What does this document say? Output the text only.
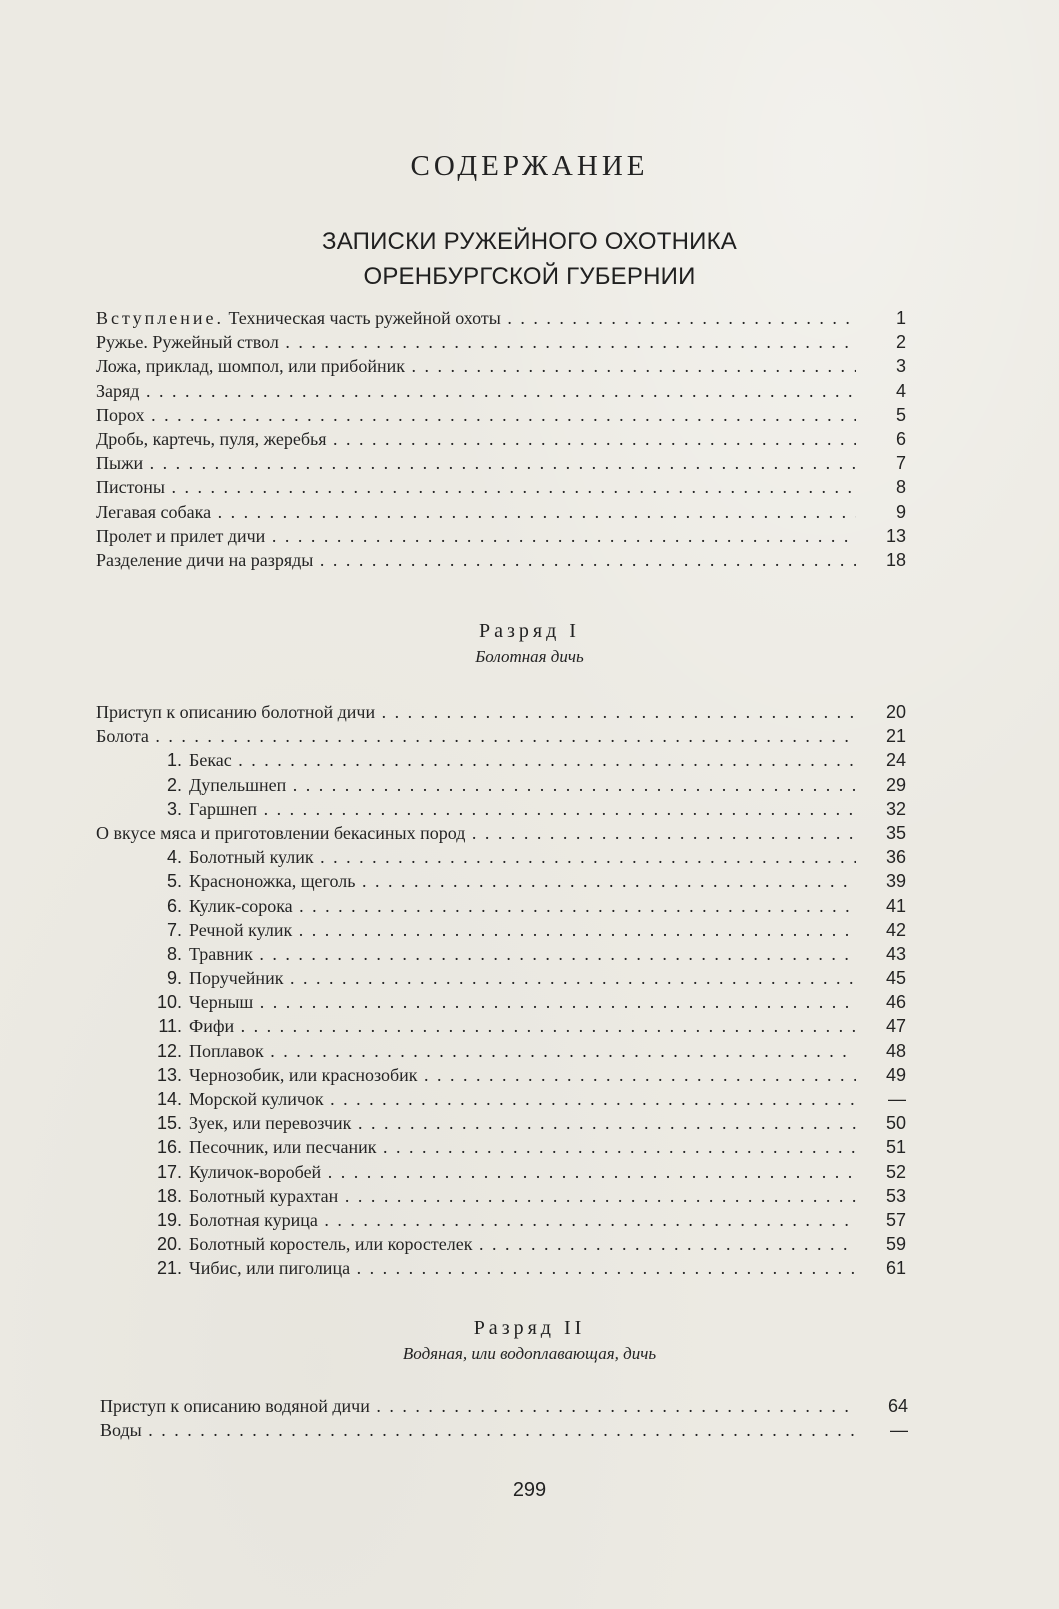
СОДЕРЖАНИЕ
ЗАПИСКИ РУЖЕЙНОГО ОХОТНИКА
ОРЕНБУРГСКОЙ ГУБЕРНИИ
Вступление. Техническая часть ружейной охоты . . .	1
Ружье. Ружейный ствол . . .	2
Ложа, приклад, шомпол, или прибойник . . .	3
Заряд . . .	4
Порох . . .	5
Дробь, картечь, пуля, жеребья . . .	6
Пыжи . . .	7
Пистоны . . .	8
Легавая собака . . .	9
Пролет и прилет дичи . . .	13
Разделение дичи на разряды . . .	18
Разряд I
Болотная дичь
Приступ к описанию болотной дичи . . .	20
Болота . . .	21
1. Бекас . . .	24
2. Дупельшнеп . . .	29
3. Гаршнеп . . .	32
О вкусе мяса и приготовлении бекасиных пород . . .	35
4. Болотный кулик . . .	36
5. Красноножка, щеголь . . .	39
6. Кулик-сорока . . .	41
7. Речной кулик . . .	42
8. Травник . . .	43
9. Поручейник . . .	45
10. Черныш . . .	46
11. Фифи . . .	47
12. Поплавок . . .	48
13. Чернозобик, или краснозобик . . .	49
14. Морской куличок . . .	—
15. Зуек, или перевозчик . . .	50
16. Песочник, или песчаник . . .	51
17. Куличок-воробей . . .	52
18. Болотный курахтан . . .	53
19. Болотная курица . . .	57
20. Болотный коростель, или коростелек . . .	59
21. Чибис, или пиголица . . .	61
Разряд II
Водяная, или водоплавающая, дичь
Приступ к описанию водяной дичи . . .	64
Воды . . .	—
299
